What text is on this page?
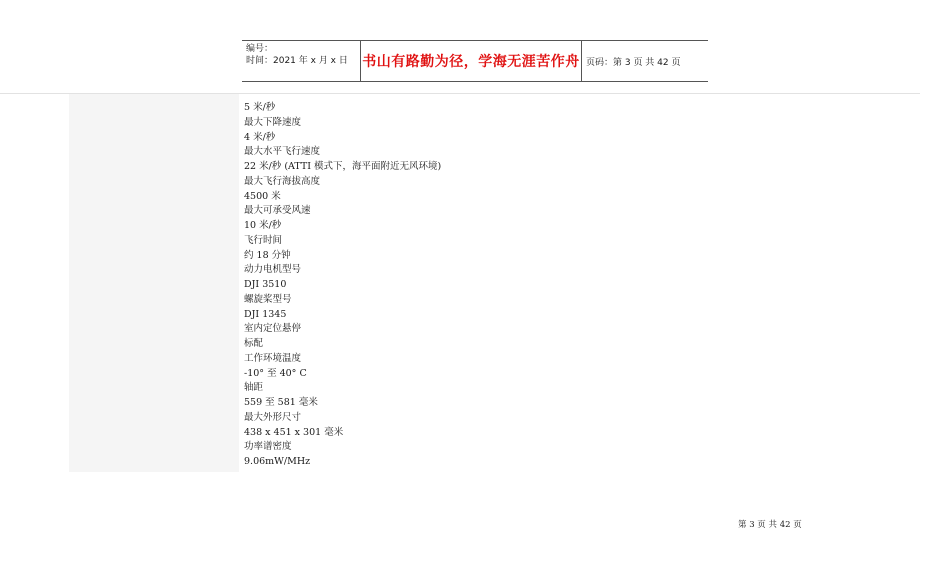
编号：
时间：2021 年 x 月 x 日	书山有路勤为径，学海无涯苦作舟 页码：第 3 页 共 42 页
5 米/秒
最大下降速度
4 米/秒
最大水平飞行速度
22 米/秒 (ATTI 模式下，海平面附近无风环境)
最大飞行海拔高度
4500 米
最大可承受风速
10 米/秒
飞行时间
约 18 分钟
动力电机型号
DJI 3510
螺旋桨型号
DJI 1345
室内定位悬停
标配
工作环境温度
-10° 至 40° C
轴距
559 至 581 毫米
最大外形尺寸
438 x 451 x 301 毫米
功率谱密度
9.06mW/MHz
第 3 页 共 42 页
